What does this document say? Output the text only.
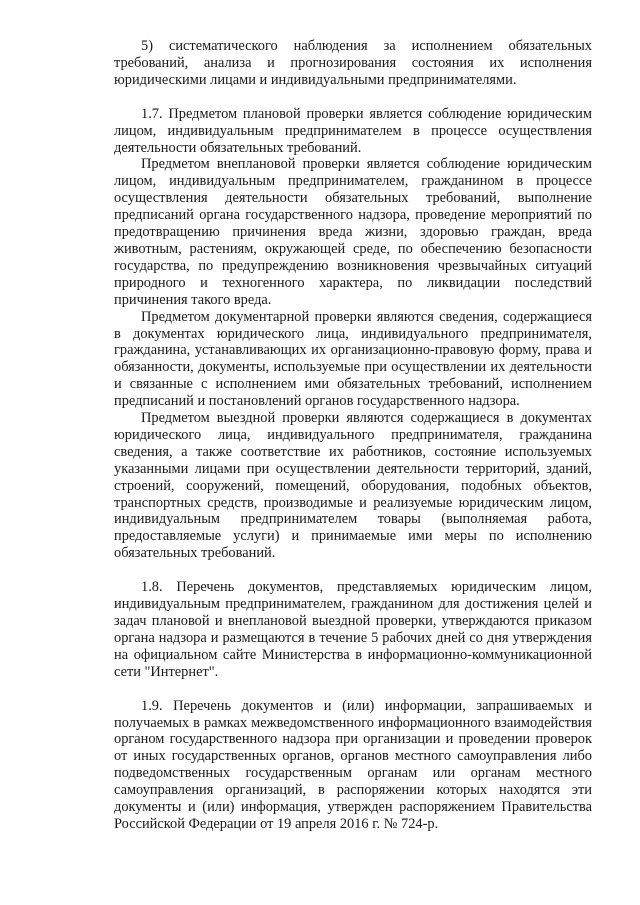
5) систематического наблюдения за исполнением обязательных требований, анализа и прогнозирования состояния их исполнения юридическими лицами и индивидуальными предпринимателями.

1.7. Предметом плановой проверки является соблюдение юридическим лицом, индивидуальным предпринимателем в процессе осуществления деятельности обязательных требований.

Предметом внеплановой проверки является соблюдение юридическим лицом, индивидуальным предпринимателем, гражданином в процессе осуществления деятельности обязательных требований, выполнение предписаний органа государственного надзора, проведение мероприятий по предотвращению причинения вреда жизни, здоровью граждан, вреда животным, растениям, окружающей среде, по обеспечению безопасности государства, по предупреждению возникновения чрезвычайных ситуаций природного и техногенного характера, по ликвидации последствий причинения такого вреда.

Предметом документарной проверки являются сведения, содержащиеся в документах юридического лица, индивидуального предпринимателя, гражданина, устанавливающих их организационно-правовую форму, права и обязанности, документы, используемые при осуществлении их деятельности и связанные с исполнением ими обязательных требований, исполнением предписаний и постановлений органов государственного надзора.

Предметом выездной проверки являются содержащиеся в документах юридического лица, индивидуального предпринимателя, гражданина сведения, а также соответствие их работников, состояние используемых указанными лицами при осуществлении деятельности территорий, зданий, строений, сооружений, помещений, оборудования, подобных объектов, транспортных средств, производимые и реализуемые юридическим лицом, индивидуальным предпринимателем товары (выполняемая работа, предоставляемые услуги) и принимаемые ими меры по исполнению обязательных требований.

1.8. Перечень документов, представляемых юридическим лицом, индивидуальным предпринимателем, гражданином для достижения целей и задач плановой и внеплановой выездной проверки, утверждаются приказом органа надзора и размещаются в течение 5 рабочих дней со дня утверждения на официальном сайте Министерства в информационно-коммуникационной сети "Интернет".

1.9. Перечень документов и (или) информации, запрашиваемых и получаемых в рамках межведомственного информационного взаимодействия органом государственного надзора при организации и проведении проверок от иных государственных органов, органов местного самоуправления либо подведомственных государственным органам или органам местного самоуправления организаций, в распоряжении которых находятся эти документы и (или) информация, утвержден распоряжением Правительства Российской Федерации от 19 апреля 2016 г. № 724-р.
